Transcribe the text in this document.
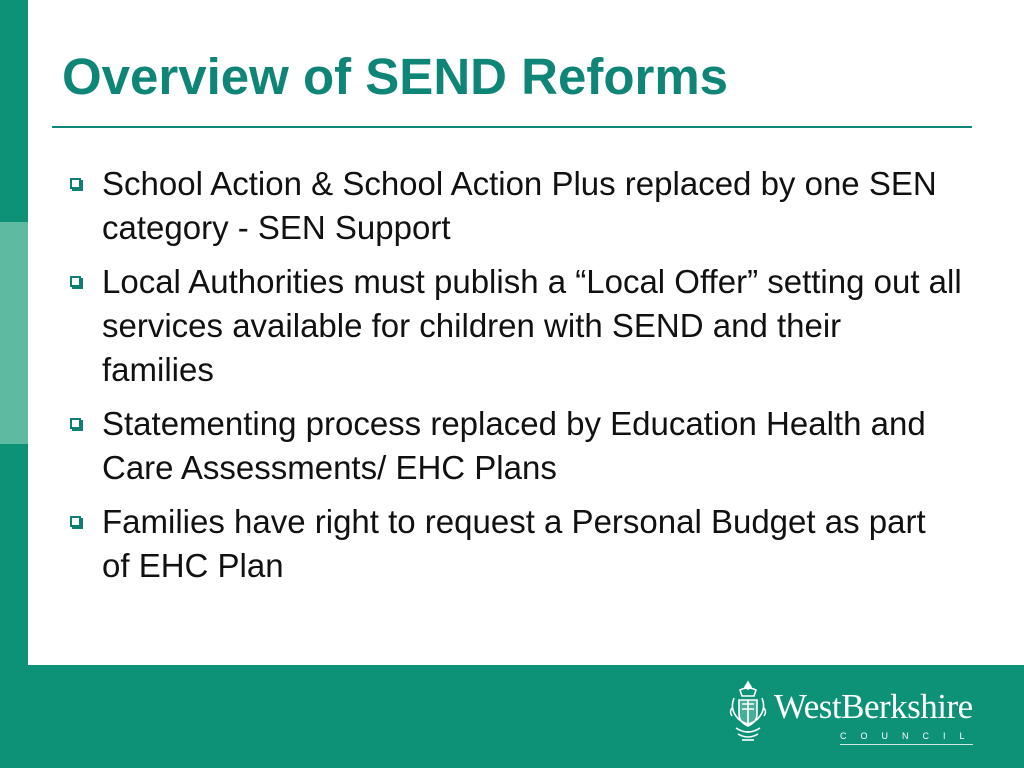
Overview of SEND Reforms
School Action & School Action Plus replaced by one SEN category - SEN Support
Local Authorities must publish a “Local Offer” setting out all services available for children with SEND and their families
Statementing process replaced by Education Health and Care Assessments/ EHC Plans
Families have right to request a Personal Budget as part of EHC Plan
WestBerkshire
COUNCIL
